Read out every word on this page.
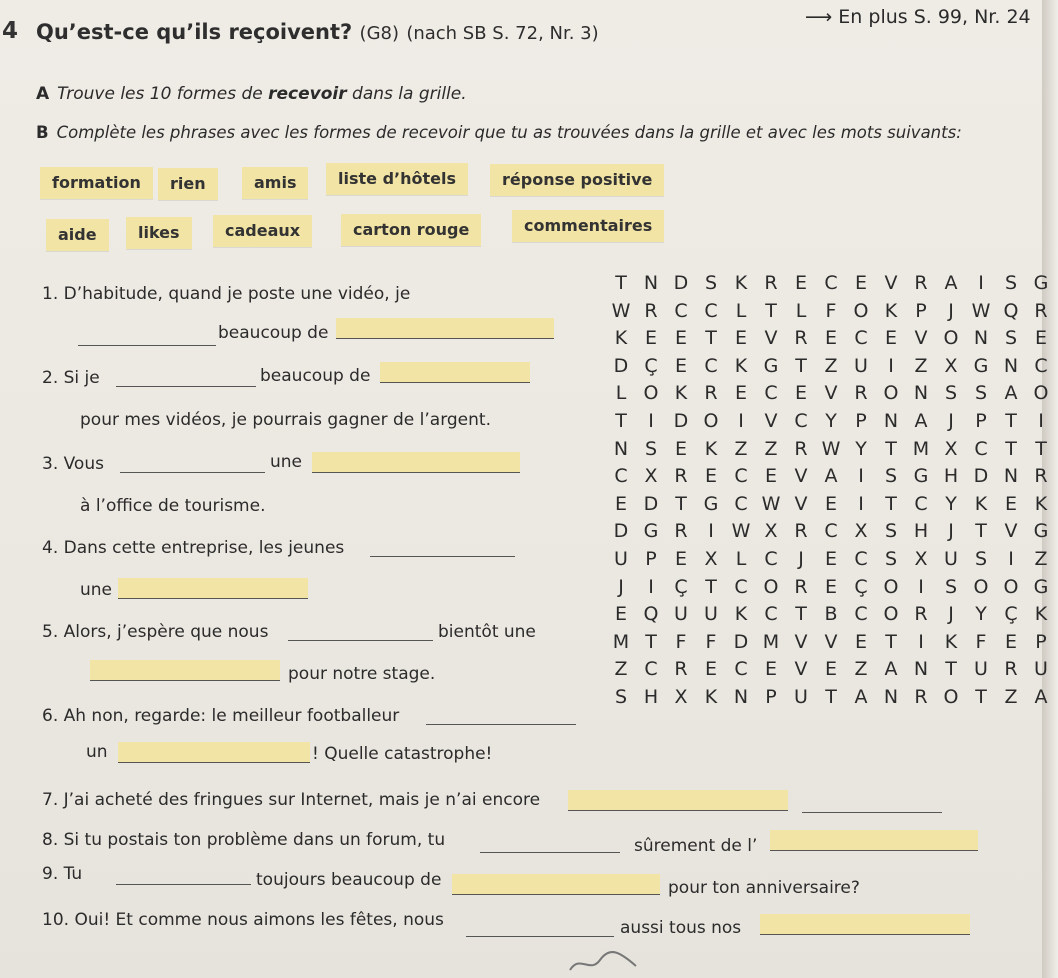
4 Qu’est-ce qu’ils reçoivent? (G8) (nach SB S. 72, Nr. 3)
⟶ En plus S. 99, Nr. 24
A Trouve les 10 formes de recevoir dans la grille.
B Complète les phrases avec les formes de recevoir que tu as trouvées dans la grille et avec les mots suivants:
formation	rien	amis	liste d’hôtels	réponse positive
aide	likes	cadeaux	carton rouge	commentaires
1. D’habitude, quand je poste une vidéo, je
beaucoup de
2. Si je	beaucoup de
pour mes vidéos, je pourrais gagner de l’argent.
3. Vous	une
à l’office de tourisme.
4. Dans cette entreprise, les jeunes
une
5. Alors, j’espère que nous	bientôt une
pour notre stage.
6. Ah non, regarde: le meilleur footballeur
un	! Quelle catastrophe!
7. J’ai acheté des fringues sur Internet, mais je n’ai encore
8. Si tu postais ton problème dans un forum, tu	sûrement de l’
9. Tu	toujours beaucoup de	pour ton anniversaire?
10. Oui! Et comme nous aimons les fêtes, nous	aussi tous nos
T N D S K R E C E V R A	I	S G
W R C C L T L	F O K P	J W Q R
K E E T E V R E C E V O N S E
D Ç E C K G T Z U	I	Z X G N C
L O K R E C E V R O N S S A O
T	I	D O	I	V C Y P N A	J	P T	I
N S E K Z Z R W Y T M X C T T
C X R E C E V A	I	S G H D N R
E D T G C W V E	I	T C Y K E K
D G R	I W X R C X S H	J	T V G
U P E X L C	J	E C S X U S	I	Z
J	I	Ç T C O R E Ç O	I	S O O G
E Q U U K C T B C O R	J	Y Ç K
M T F	F D M V V E T	I	K F E P
Z C R E C E V E Z A N T U R U
S H X K N P U T A N R O T Z A
